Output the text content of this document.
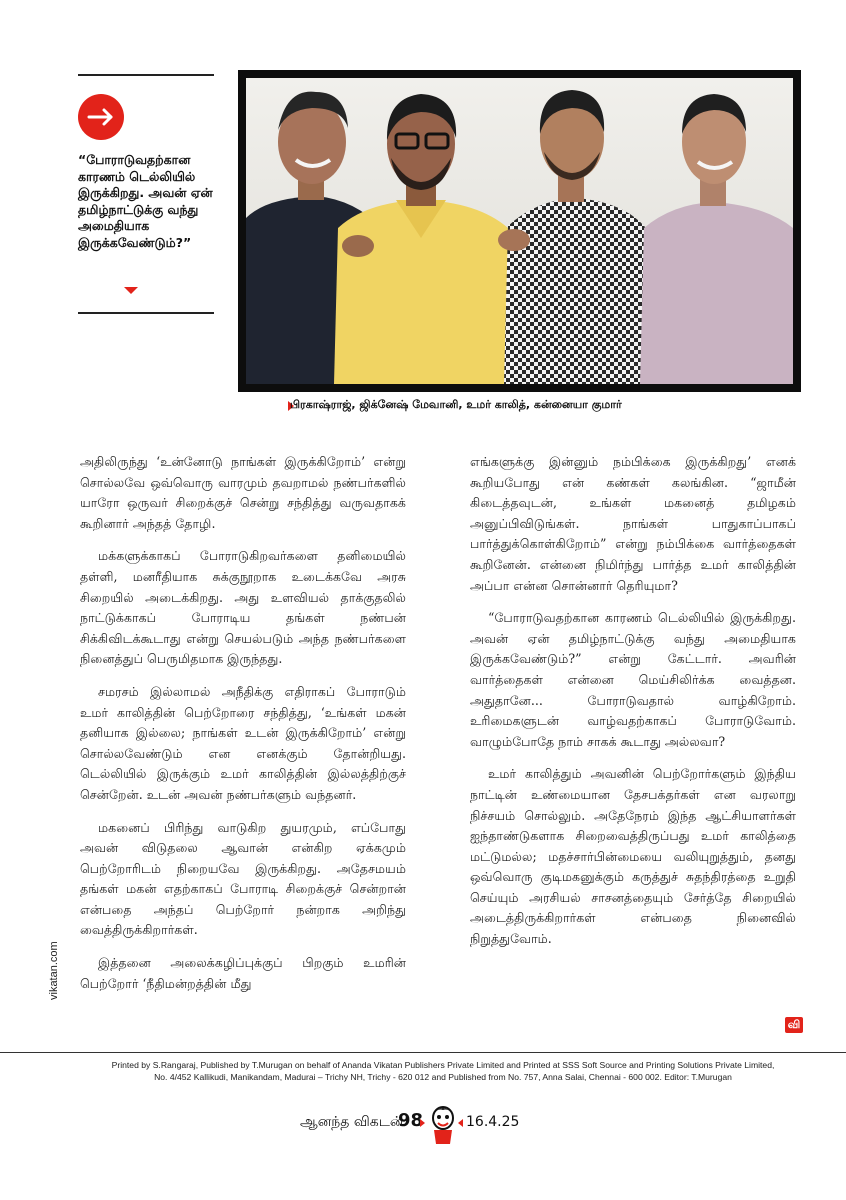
“போராடுவதற்கான காரணம் டெல்லியில் இருக்கிறது. அவன் ஏன் தமிழ்நாட்டுக்கு வந்து அமைதியாக இருக்கவேண்டும்?”
பிரகாஷ்ராஜ், ஜிக்னேஷ் மேவானி, உமர் காலித், கன்னையா குமார்

அதிலிருந்து ‘உன்னோடு நாங்கள் இருக்கிறோம்’ என்று சொல்லவே ஒவ்வொரு வாரமும் தவறாமல் நண்பர்களில் யாரோ ஒருவர் சிறைக்குச் சென்று சந்தித்து வருவதாகக் கூறினார் அந்தத் தோழி.

மக்களுக்காகப் போராடுகிறவர்களை தனிமையில் தள்ளி, மனரீதியாக சுக்குநூறாக உடைக்கவே அரசு சிறையில் அடைக்கிறது. அது உளவியல் தாக்குதலில் நாட்டுக்காகப் போராடிய தங்கள் நண்பன் சிக்கிவிடக்கூடாது என்று செயல்படும் அந்த நண்பர்களை நினைத்துப் பெருமிதமாக இருந்தது.

சமரசம் இல்லாமல் அநீதிக்கு எதிராகப் போராடும் உமர் காலித்தின் பெற்றோரை சந்தித்து, ‘உங்கள் மகன் தனியாக இல்லை; நாங்கள் உடன் இருக்கிறோம்’ என்று சொல்லவேண்டும் என எனக்கும் தோன்றியது. டெல்லியில் இருக்கும் உமர் காலித்தின் இல்லத்திற்குச் சென்றேன். உடன் அவன் நண்பர்களும் வந்தனர்.

மகனைப் பிரிந்து வாடுகிற துயரமும், எப்போது அவன் விடுதலை ஆவான் என்கிற ஏக்கமும் பெற்றோரிடம் நிறையவே இருக்கிறது. அதேசமயம் தங்கள் மகன் எதற்காகப் போராடி சிறைக்குச் சென்றான் என்பதை அந்தப் பெற்றோர் நன்றாக அறிந்து வைத்திருக்கிறார்கள்.

இத்தனை அலைக்கழிப்புக்குப் பிறகும் உமரின் பெற்றோர் ‘நீதிமன்றத்தின் மீது

எங்களுக்கு இன்னும் நம்பிக்கை இருக்கிறது’ எனக் கூறியபோது என் கண்கள் கலங்கின. “ஜாமீன் கிடைத்தவுடன், உங்கள் மகனைத் தமிழகம் அனுப்பிவிடுங்கள். நாங்கள் பாதுகாப்பாகப் பார்த்துக்கொள்கிறோம்” என்று நம்பிக்கை வார்த்தைகள் கூறினேன். என்னை நிமிர்ந்து பார்த்த உமர் காலித்தின் அப்பா என்ன சொன்னார் தெரியுமா?

“போராடுவதற்கான காரணம் டெல்லியில் இருக்கிறது. அவன் ஏன் தமிழ்நாட்டுக்கு வந்து அமைதியாக இருக்கவேண்டும்?” என்று கேட்டார். அவரின் வார்த்தைகள் என்னை மெய்சிலிர்க்க வைத்தன. அதுதானே... போராடுவதால் வாழ்கிறோம். உரிமைகளுடன் வாழ்வதற்காகப் போராடுவோம். வாழும்போதே நாம் சாகக் கூடாது அல்லவா?

உமர் காலித்தும் அவனின் பெற்றோர்களும் இந்திய நாட்டின் உண்மையான தேசபக்தர்கள் என வரலாறு நிச்சயம் சொல்லும். அதேநேரம் இந்த ஆட்சியாளர்கள் ஐந்தாண்டுகளாக சிறைவைத்திருப்பது உமர் காலித்தை மட்டுமல்ல; மதச்சார்பின்மையை வலியுறுத்தும், தனது ஒவ்வொரு குடிமகனுக்கும் கருத்துச் சுதந்திரத்தை உறுதி செய்யும் அரசியல் சாசனத்தையும் சேர்த்தே சிறையில் அடைத்திருக்கிறார்கள் என்பதை நினைவில் நிறுத்துவோம்.

வி
vikatan.com
Printed by S.Rangaraj, Published by T.Murugan on behalf of Ananda Vikatan Publishers Private Limited and Printed at SSS Soft Source and Printing Solutions Private Limited,
No. 4/452 Kallikudi, Manikandam, Madurai – Trichy NH, Trichy - 620 012 and Published from No. 757, Anna Salai, Chennai - 600 002. Editor: T.Murugan
ஆனந்த விகடன்
98	16.4.25
